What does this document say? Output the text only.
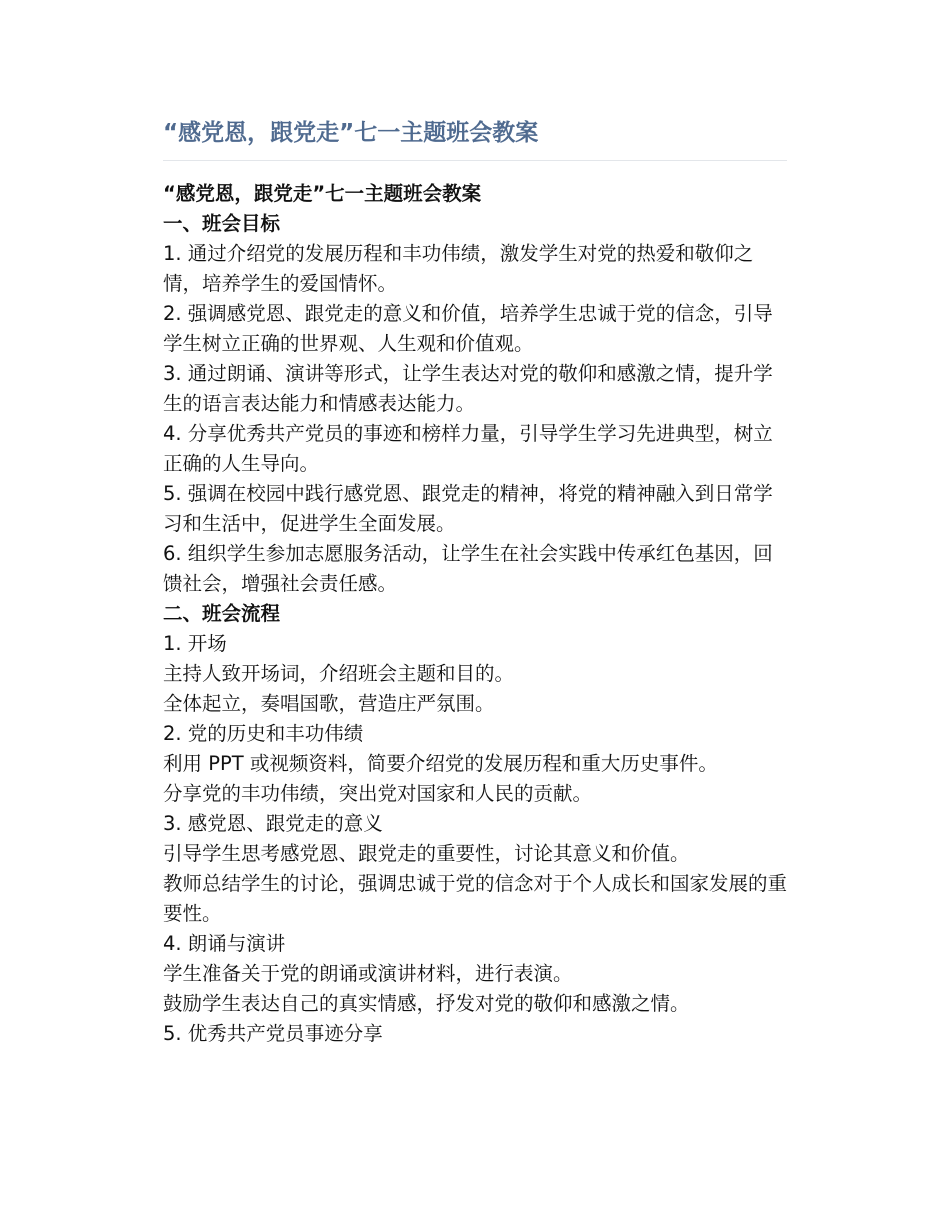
“感党恩，跟党走”七一主题班会教案

“感党恩，跟党走”七一主题班会教案

一、班会目标

1. 通过介绍党的发展历程和丰功伟绩，激发学生对党的热爱和敬仰之情，培养学生的爱国情怀。

2. 强调感党恩、跟党走的意义和价值，培养学生忠诚于党的信念，引导学生树立正确的世界观、人生观和价值观。

3. 通过朗诵、演讲等形式，让学生表达对党的敬仰和感激之情，提升学生的语言表达能力和情感表达能力。

4. 分享优秀共产党员的事迹和榜样力量，引导学生学习先进典型，树立正确的人生导向。

5. 强调在校园中践行感党恩、跟党走的精神，将党的精神融入到日常学习和生活中，促进学生全面发展。

6. 组织学生参加志愿服务活动，让学生在社会实践中传承红色基因，回馈社会，增强社会责任感。

二、班会流程

1. 开场

主持人致开场词，介绍班会主题和目的。

全体起立，奏唱国歌，营造庄严氛围。

2. 党的历史和丰功伟绩

利用 PPT 或视频资料，简要介绍党的发展历程和重大历史事件。

分享党的丰功伟绩，突出党对国家和人民的贡献。

3. 感党恩、跟党走的意义

引导学生思考感党恩、跟党走的重要性，讨论其意义和价值。

教师总结学生的讨论，强调忠诚于党的信念对于个人成长和国家发展的重要性。

4. 朗诵与演讲

学生准备关于党的朗诵或演讲材料，进行表演。

鼓励学生表达自己的真实情感，抒发对党的敬仰和感激之情。

5. 优秀共产党员事迹分享
